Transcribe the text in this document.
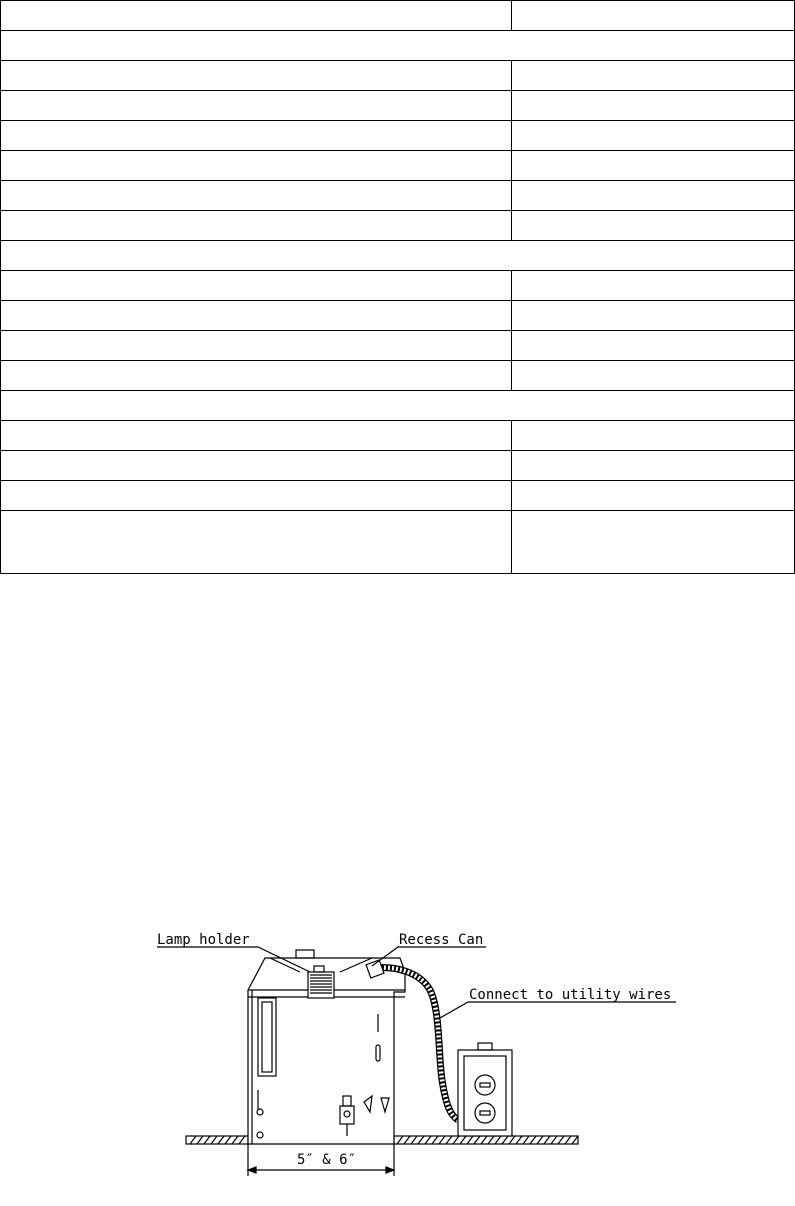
Lamp holder	Recess Can
Connect to utility wires
5″ & 6″
